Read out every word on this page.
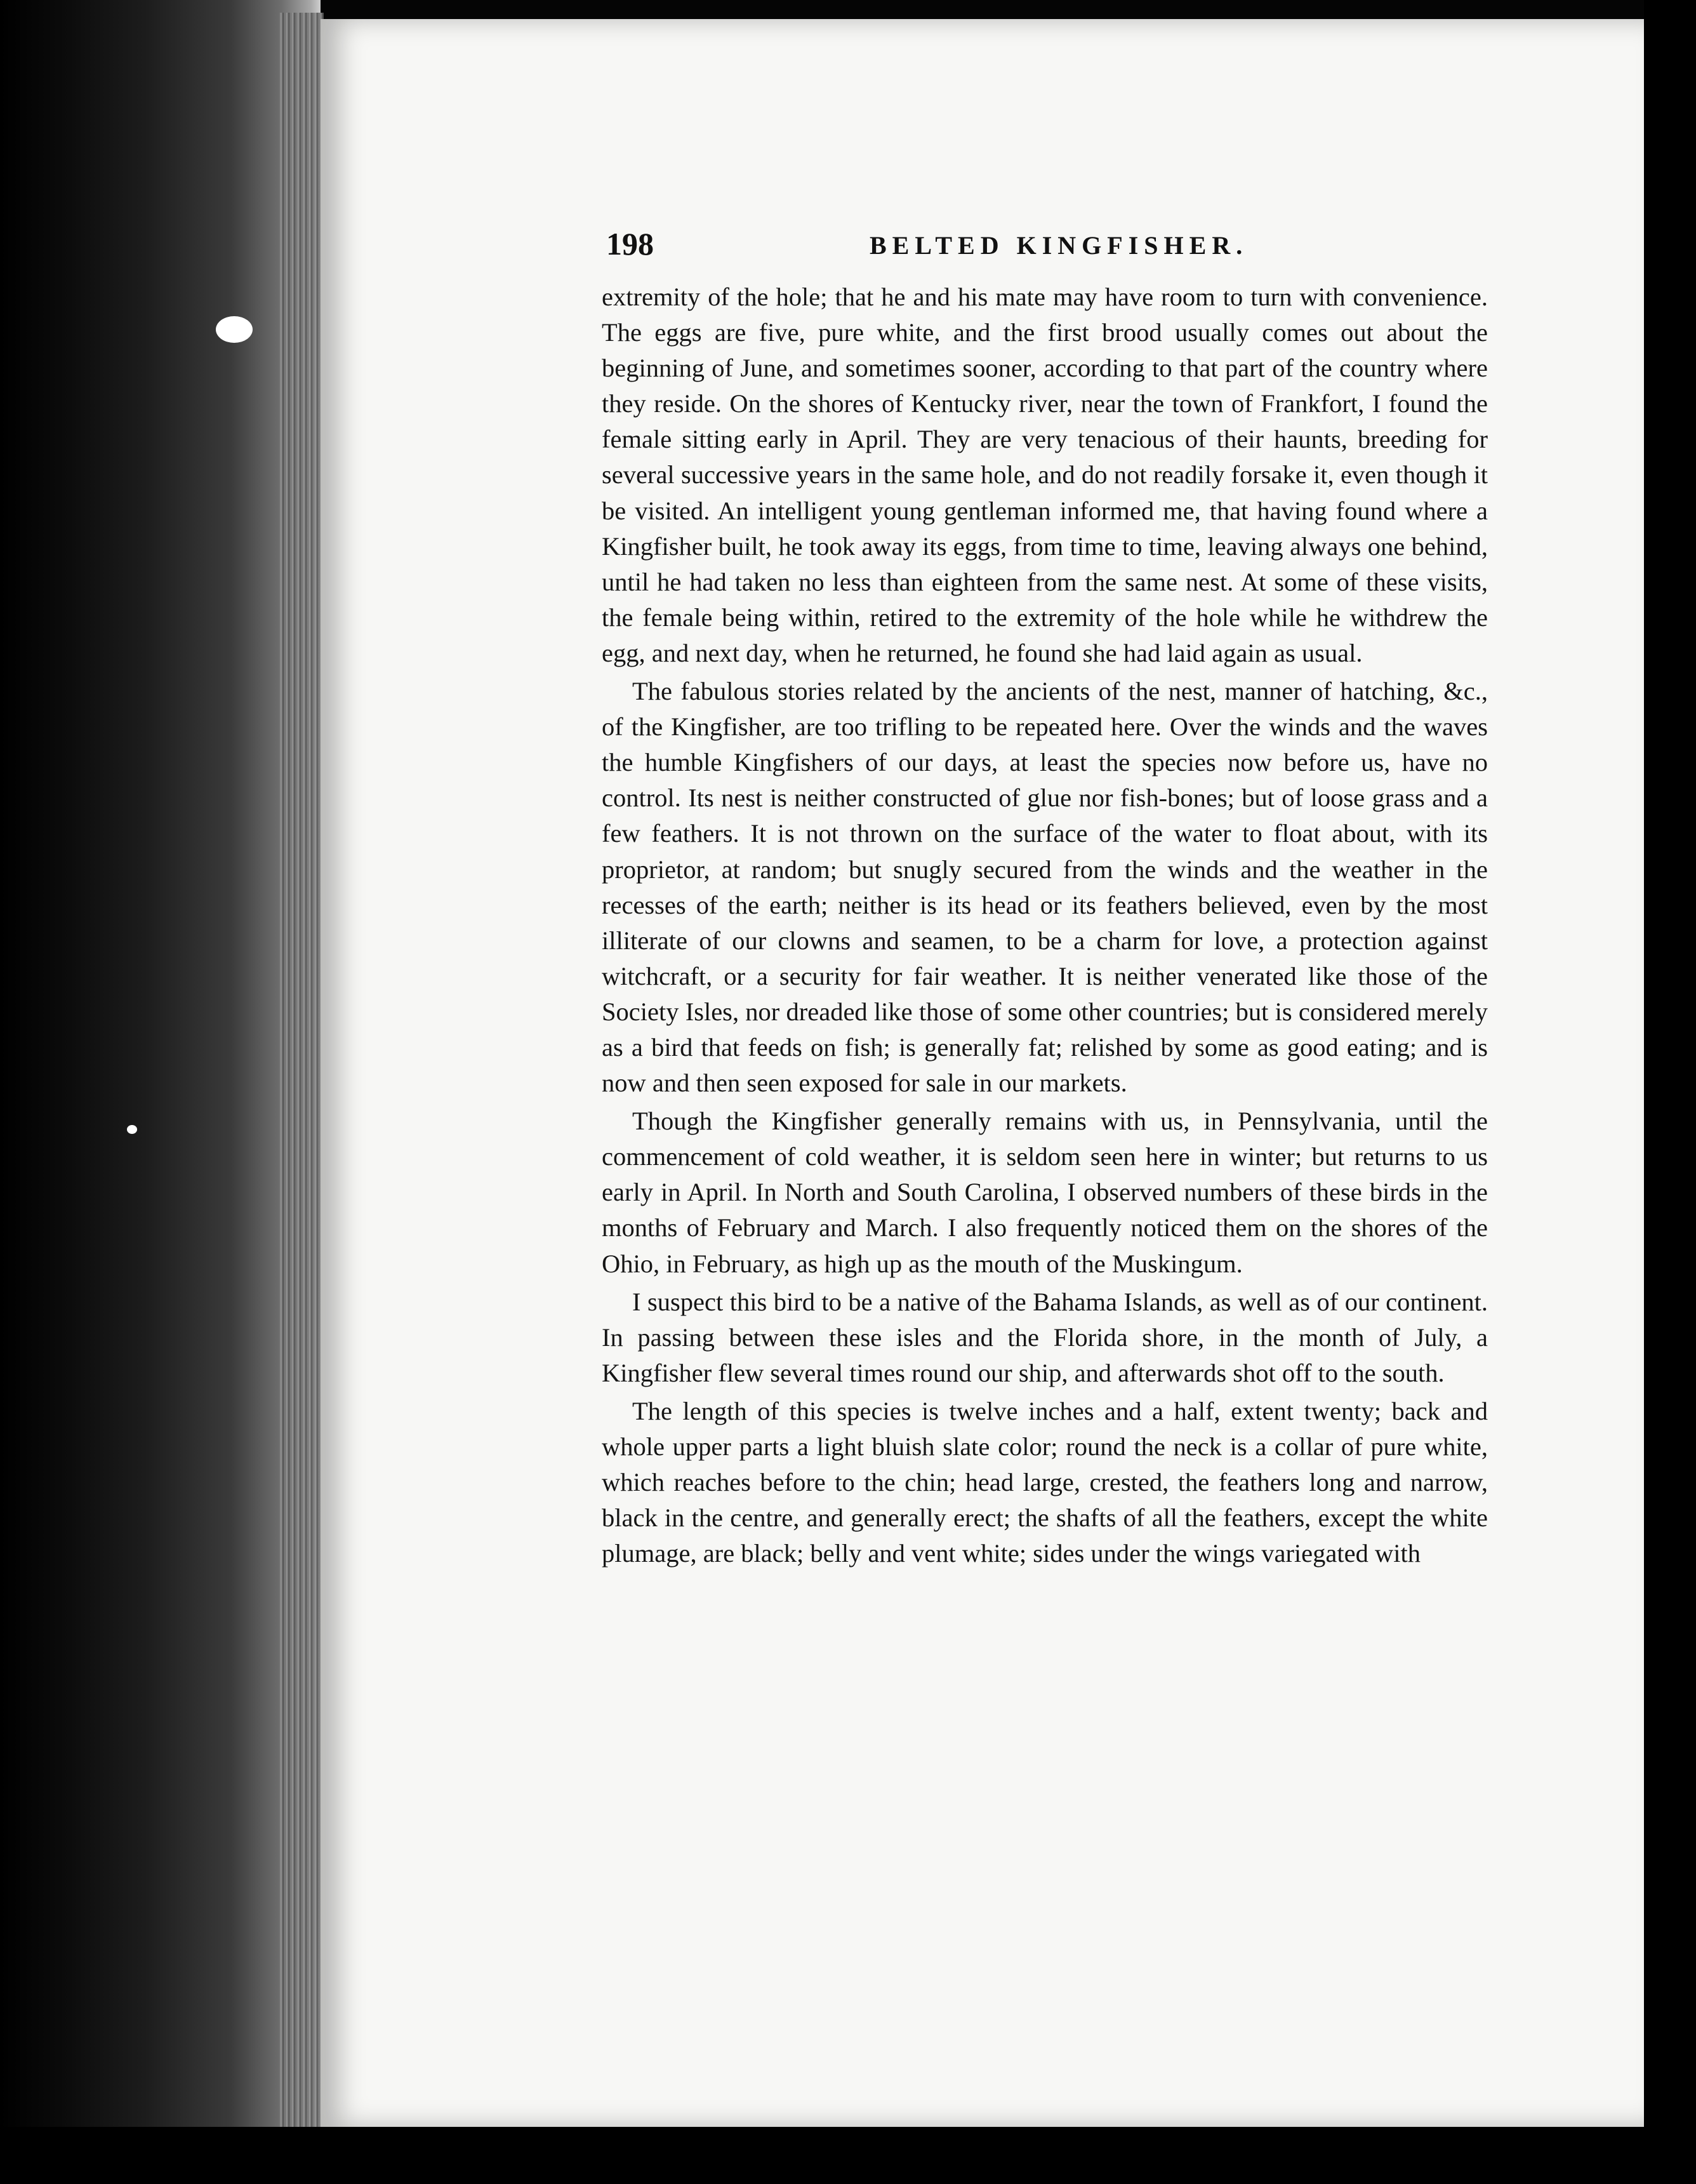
198	BELTED KINGFISHER.

extremity of the hole; that he and his mate may have room to turn with convenience. The eggs are five, pure white, and the first brood usually comes out about the beginning of June, and sometimes sooner, according to that part of the country where they reside. On the shores of Kentucky river, near the town of Frankfort, I found the female sitting early in April. They are very tenacious of their haunts, breeding for several successive years in the same hole, and do not readily forsake it, even though it be visited. An intelligent young gentleman informed me, that having found where a Kingfisher built, he took away its eggs, from time to time, leaving always one behind, until he had taken no less than eighteen from the same nest. At some of these visits, the female being within, retired to the extremity of the hole while he withdrew the egg, and next day, when he returned, he found she had laid again as usual.

The fabulous stories related by the ancients of the nest, manner of hatching, &c., of the Kingfisher, are too trifling to be repeated here. Over the winds and the waves the humble Kingfishers of our days, at least the species now before us, have no control. Its nest is neither constructed of glue nor fish-bones; but of loose grass and a few feathers. It is not thrown on the surface of the water to float about, with its proprietor, at random; but snugly secured from the winds and the weather in the recesses of the earth; neither is its head or its feathers believed, even by the most illiterate of our clowns and seamen, to be a charm for love, a protection against witchcraft, or a security for fair weather. It is neither venerated like those of the Society Isles, nor dreaded like those of some other countries; but is considered merely as a bird that feeds on fish; is generally fat; relished by some as good eating; and is now and then seen exposed for sale in our markets.

Though the Kingfisher generally remains with us, in Pennsylvania, until the commencement of cold weather, it is seldom seen here in winter; but returns to us early in April. In North and South Carolina, I observed numbers of these birds in the months of February and March. I also frequently noticed them on the shores of the Ohio, in February, as high up as the mouth of the Muskingum.

I suspect this bird to be a native of the Bahama Islands, as well as of our continent. In passing between these isles and the Florida shore, in the month of July, a Kingfisher flew several times round our ship, and afterwards shot off to the south.

The length of this species is twelve inches and a half, extent twenty; back and whole upper parts a light bluish slate color; round the neck is a collar of pure white, which reaches before to the chin; head large, crested, the feathers long and narrow, black in the centre, and generally erect; the shafts of all the feathers, except the white plumage, are black; belly and vent white; sides under the wings variegated with
